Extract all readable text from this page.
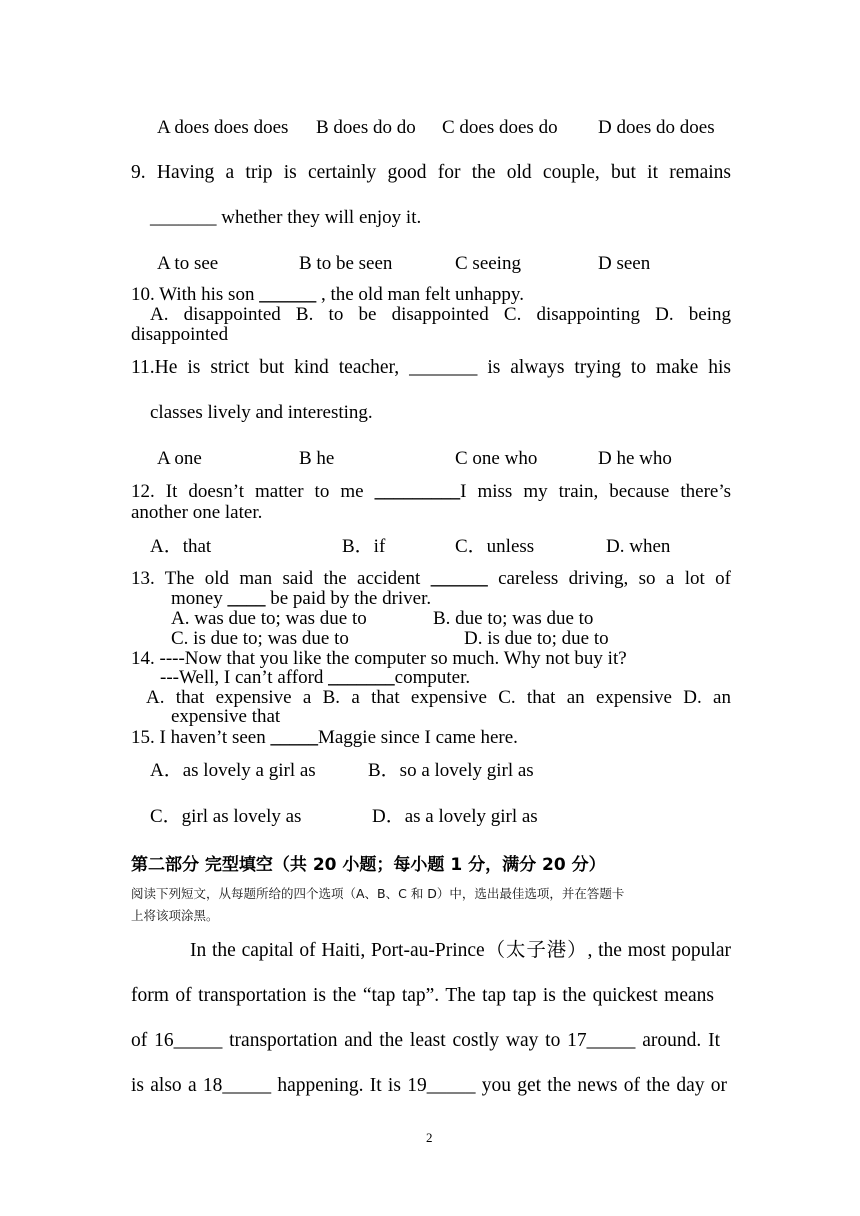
A does does does B does do do C does does do D does do does
9. Having a trip is certainly good for the old couple, but it remains
_______ whether they will enjoy it.
A to see	B to be seen	C seeing	D seen
10. With his son ______ , the old man felt unhappy.
A. disappointed B. to be disappointed C. disappointing D. being
disappointed
11.He is strict but kind teacher, _______ is always trying to make his
classes lively and interesting.
A one	B he	C one who	D he who
12. It doesn’t matter to me _________I miss my train, because there’s
another one later.
A．that	B．if	C．unless	D. when
13. The old man said the accident ______ careless driving, so a lot of
money ____ be paid by the driver.
A. was due to; was due to	B. due to; was due to
C. is due to; was due to	D. is due to; due to
14. ----Now that you like the computer so much. Why not buy it?
---Well, I can’t afford _______computer.
A. that expensive a B. a that expensive C. that an expensive D. an
expensive that
15. I haven’t seen _____Maggie since I came here.
A．as lovely a girl as	B．so a lovely girl as
C．girl as lovely as	D．as a lovely girl as
第二部分 完型填空（共 20 小题；每小题 1 分，满分 20 分）
阅读下列短文，从每题所给的四个选项（A、B、C 和 D）中，选出最佳选项，并在答题卡
上将该项涂黑。
In the capital of Haiti, Port-au-Prince（太子港）, the most popular
form of transportation is the “tap tap”. The tap tap is the quickest means
of 16_____ transportation and the least costly way to 17_____ around. It
is also a 18_____ happening. It is 19_____ you get the news of the day or
2
